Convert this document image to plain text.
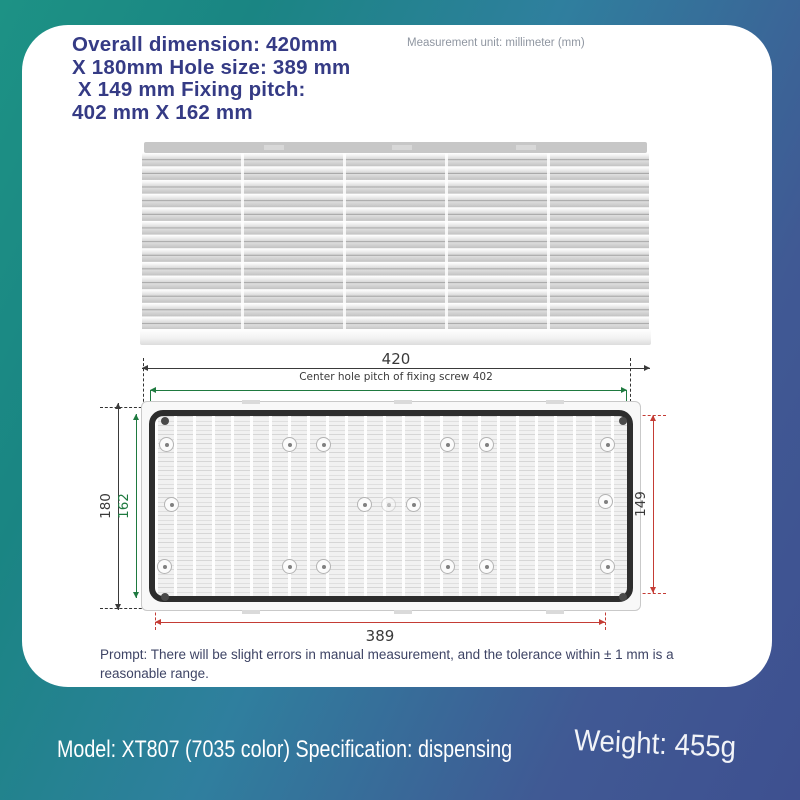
Overall dimension: 420mm
X 180mm Hole size: 389 mm
X 149 mm Fixing pitch:
402 mm X 162 mm
Measurement unit: millimeter (mm)
420
Center hole pitch of fixing screw 402
180 162	149
389
Prompt: There will be slight errors in manual measurement, and the tolerance within ± 1 mm is a reasonable range.
Model: XT807 (7035 color) Specification: dispensing Weight: 455g
